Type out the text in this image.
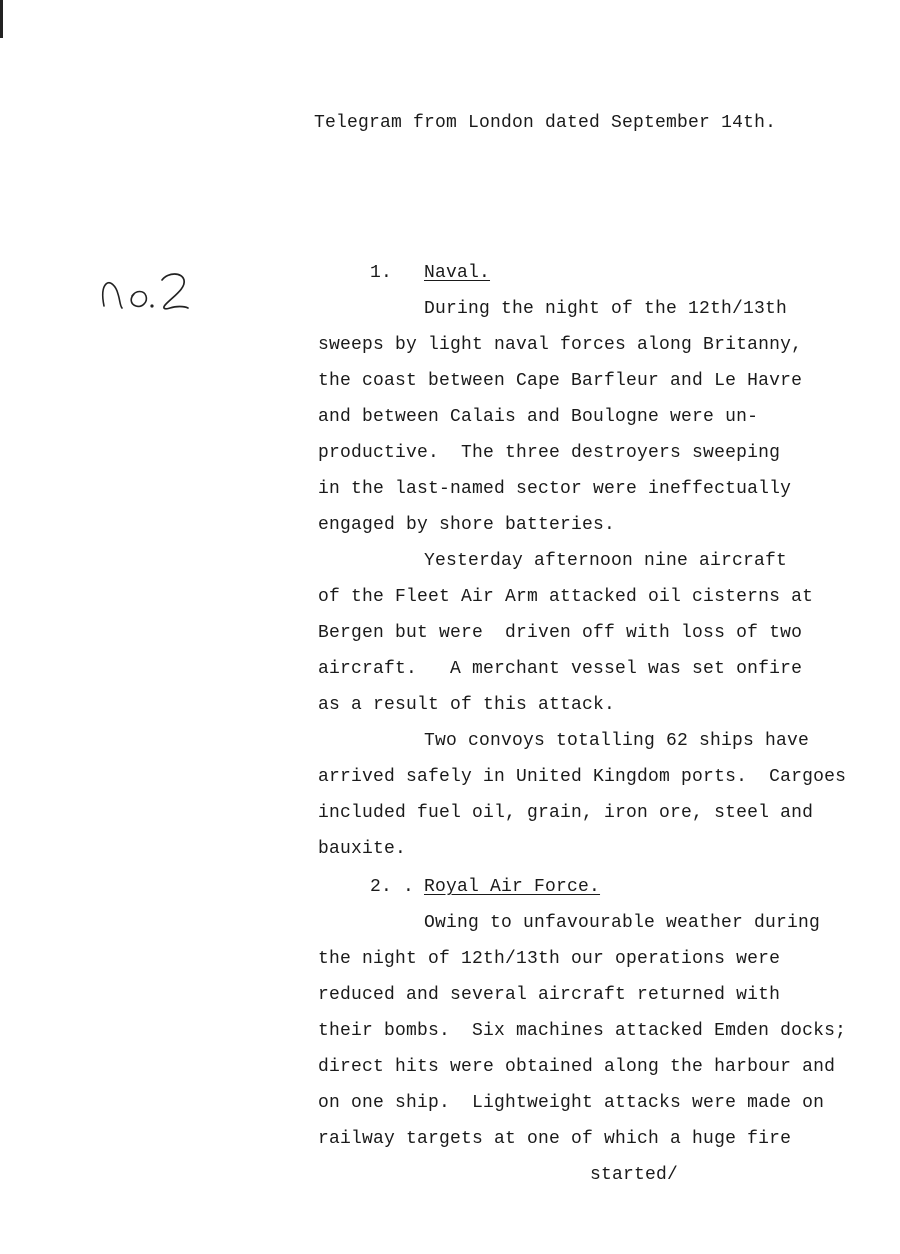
Telegram from London dated September 14th.
1. Naval.
During the night of the 12th/13th
sweeps by light naval forces along Britanny,
the coast between Cape Barfleur and Le Havre
and between Calais and Boulogne were un-
productive.  The three destroyers sweeping
in the last-named sector were ineffectually
engaged by shore batteries.
Yesterday afternoon nine aircraft
of the Fleet Air Arm attacked oil cisterns at
Bergen but were  driven off with loss of two
aircraft.   A merchant vessel was set onfire
as a result of this attack.
Two convoys totalling 62 ships have
arrived safely in United Kingdom ports.  Cargoes
included fuel oil, grain, iron ore, steel and
bauxite.
2. . Royal Air Force.
Owing to unfavourable weather during
the night of 12th/13th our operations were
reduced and several aircraft returned with
their bombs.  Six machines attacked Emden docks;
direct hits were obtained along the harbour and
on one ship.  Lightweight attacks were made on
railway targets at one of which a huge fire
started/
